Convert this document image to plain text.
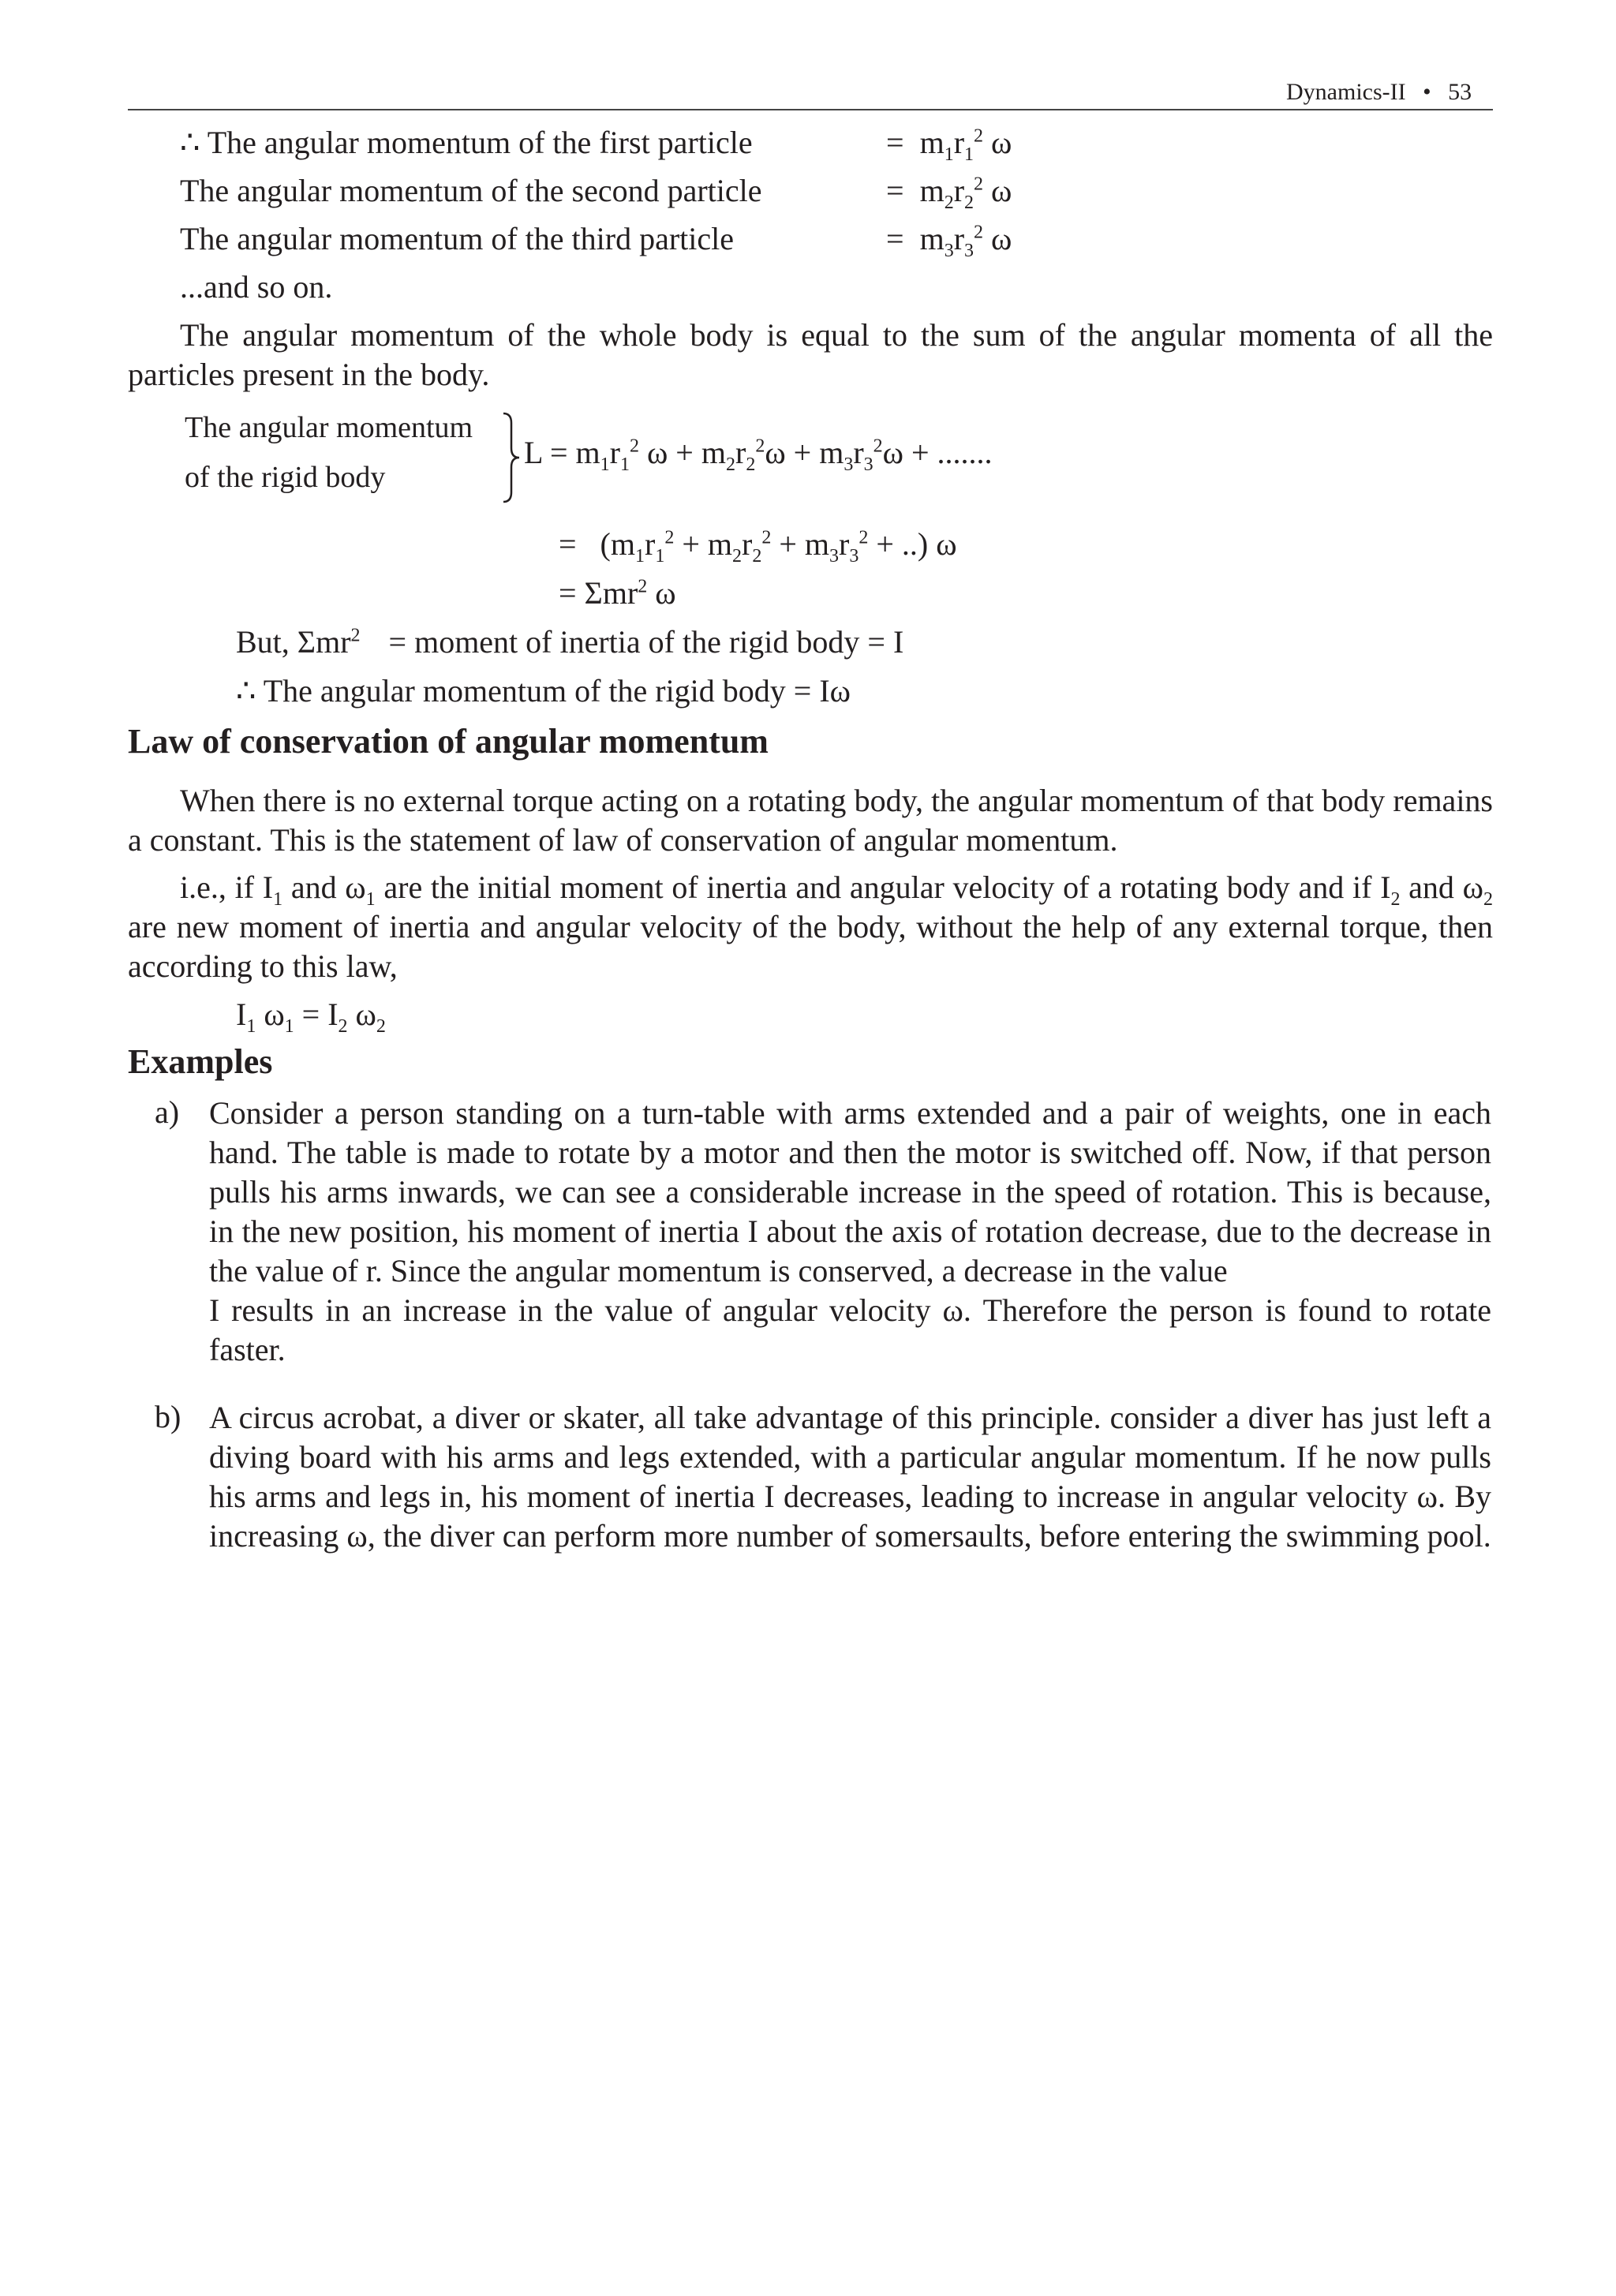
Dynamics-II • 53
∴ The angular momentum of the first particle	= $m_1r_1^2$ ω
The angular momentum of the second particle	= $m_2r_2^2$ ω
The angular momentum of the third particle	= $m_3r_3^2$ ω
...and so on.
The angular momentum of the whole body is equal to the sum of the angular momenta of all the particles present in the body.
The angular momentum
of the rigid body
$L = m_1r_1^2$ $\omega + m_2r_2^2\omega + m_3r_3^2\omega$ + .......
=   ($m_1r_1^2 + m_2r_2^2 + m_3r_3^2$ + ..) ω
= Σmr$^2$ ω
But, Σmr$^2$ = moment of inertia of the rigid body = I
∴ The angular momentum of the rigid body = Iω
Law of conservation of angular momentum
When there is no external torque acting on a rotating body, the angular momentum of that body remains a constant. This is the statement of law of conservation of angular momentum.
i.e., if $I_1$ and $\omega_1$ are the initial moment of inertia and angular velocity of a rotating body and if $I_2$ and $\omega_2$ are new moment of inertia and angular velocity of the body, without the help of any external torque, then according to this law,
$I_1$ $\omega_1 = I_2$ $\omega_2$
Examples
a) Consider a person standing on a turn-table with arms extended and a pair of weights, one in each hand. The table is made to rotate by a motor and then the motor is switched off. Now, if that person pulls his arms inwards, we can see a considerable increase in the speed of rotation. This is because, in the new position, his moment of inertia I about the axis of rotation decrease, due to the decrease in the value of r. Since the angular momentum is conserved, a decrease in the value
I results in an increase in the value of angular velocity ω. Therefore the person is found to rotate faster.
b) A circus acrobat, a diver or skater, all take advantage of this principle. consider a diver has just left a diving board with his arms and legs extended, with a particular angular momentum. If he now pulls his arms and legs in, his moment of inertia I decreases, leading to increase in angular velocity ω. By increasing ω, the diver can perform more number of somersaults, before entering the swimming pool.
